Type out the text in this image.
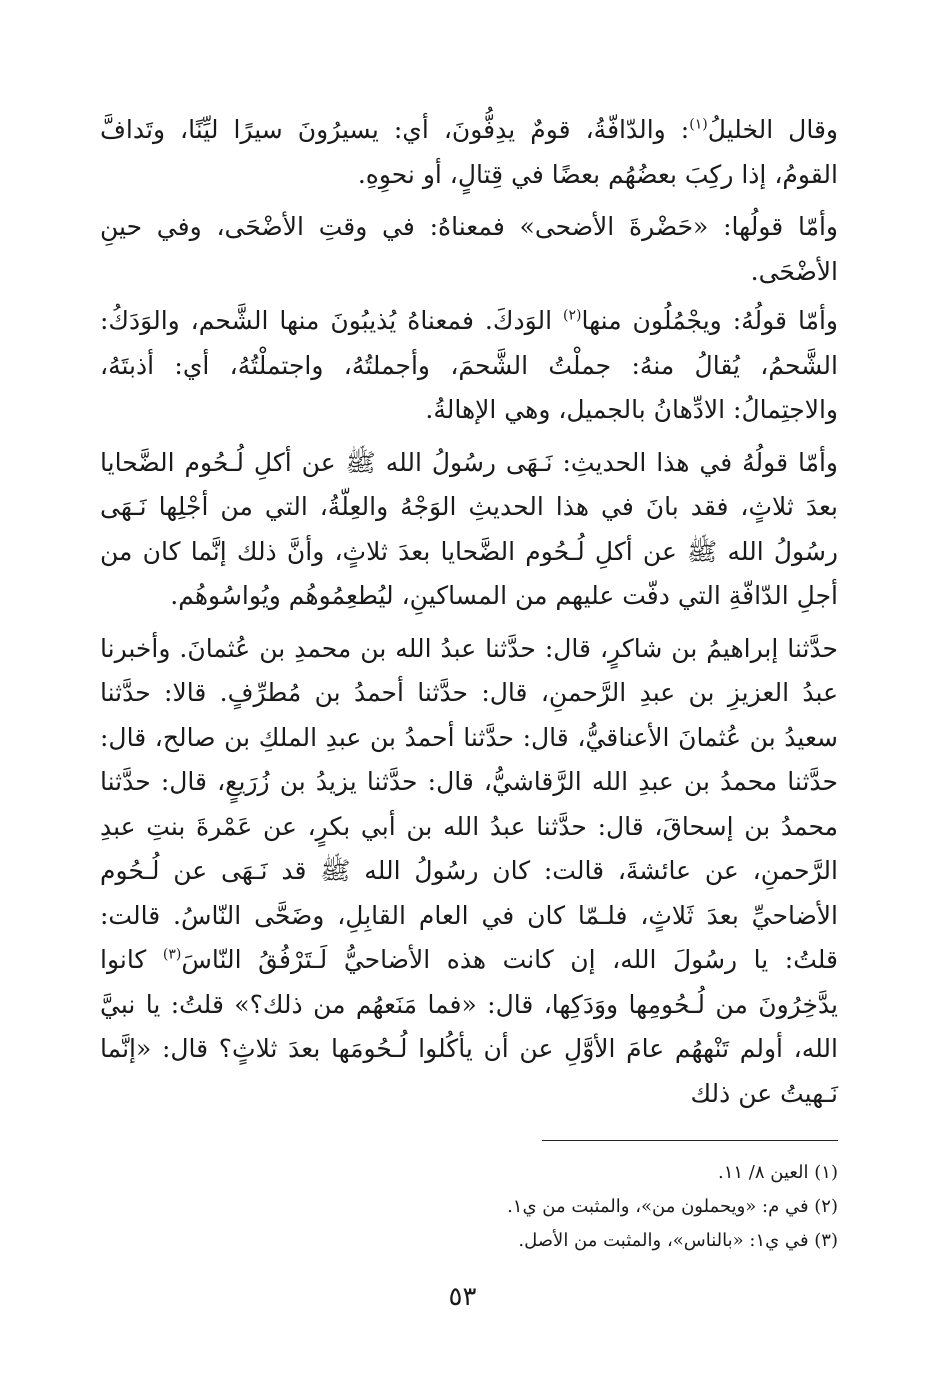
وقال الخليلُ$^{(١)}$: والدّافّةُ، قومٌ يدِفُّونَ، أي: يسيرُونَ سيرًا ليِّنًا، وتَدافَّ القومُ، إذا ركِبَ بعضُهُم بعضًا في قِتالٍ، أو نحوِهِ.

وأمّا قولُها: «حَضْرةَ الأضحى» فمعناهُ: في وقتِ الأضْحَى، وفي حينِ الأضْحَى.

وأمّا قولُهُ: ويجْمُلُون منها$^{(٢)}$ الوَدكَ. فمعناهُ يُذيبُونَ منها الشَّحم، والوَدَكُ: الشَّحمُ، يُقالُ منهُ: جملْتُ الشَّحمَ، وأجملتُهُ، واجتملْتُهُ، أي: أذبتَهُ، والاجتِمالُ: الادِّهانُ بالجميل، وهي الإهالةُ.

وأمّا قولُهُ في هذا الحديثِ: نَـهَى رسُولُ الله ﷺ عن أكلِ لُـحُوم الضَّحايا بعدَ ثلاثٍ، فقد بانَ في هذا الحديثِ الوَجْهُ والعِلّةُ، التي من أجْلِها نَـهَى رسُولُ الله ﷺ عن أكلِ لُـحُوم الضَّحايا بعدَ ثلاثٍ، وأنَّ ذلك إنَّما كان من أجلِ الدّافّةِ التي دفّت عليهم من المساكينِ، ليُطعِمُوهُم ويُواسُوهُم.

حدَّثنا إبراهيمُ بن شاكرٍ، قال: حدَّثنا عبدُ الله بن محمدِ بن عُثمانَ. وأخبرنا عبدُ العزيزِ بن عبدِ الرَّحمنِ، قال: حدَّثنا أحمدُ بن مُطرِّفٍ. قالا: حدَّثنا سعيدُ بن عُثمانَ الأعناقيُّ، قال: حدَّثنا أحمدُ بن عبدِ الملكِ بن صالح، قال: حدَّثنا محمدُ بن عبدِ الله الرَّقاشيُّ، قال: حدَّثنا يزيدُ بن زُرَيعٍ، قال: حدَّثنا محمدُ بن إسحاقَ، قال: حدَّثنا عبدُ الله بن أبي بكرٍ، عن عَمْرةَ بنتِ عبدِ الرَّحمنِ، عن عائشةَ، قالت: كان رسُولُ الله ﷺ قد نَـهَى عن لُـحُوم الأضاحيِّ بعدَ ثَلاثٍ، فلـمّا كان في العام القابِلِ، وضَحَّى النّاسُ. قالت: قلتُ: يا رسُولَ الله، إن كانت هذه الأضاحيُّ لَـتَرْفُقُ النّاسَ$^{(٣)}$ كانوا يدَّخِرُونَ من لُـحُومِها ووَدَكِها، قال: «فما مَنَعهُم من ذلك؟» قلتُ: يا نبيَّ الله، أولم تَنْههُم عامَ الأوَّلِ عن أن يأكُلوا لُـحُومَها بعدَ ثلاثٍ؟ قال: «إنَّما نَـهيتُ عن ذلك

(١) العين ٨/ ١١.

(٢) في م: «ويحملون من»، والمثبت من ي١.

(٣) في ي١: «بالناس»، والمثبت من الأصل.

٥٣
